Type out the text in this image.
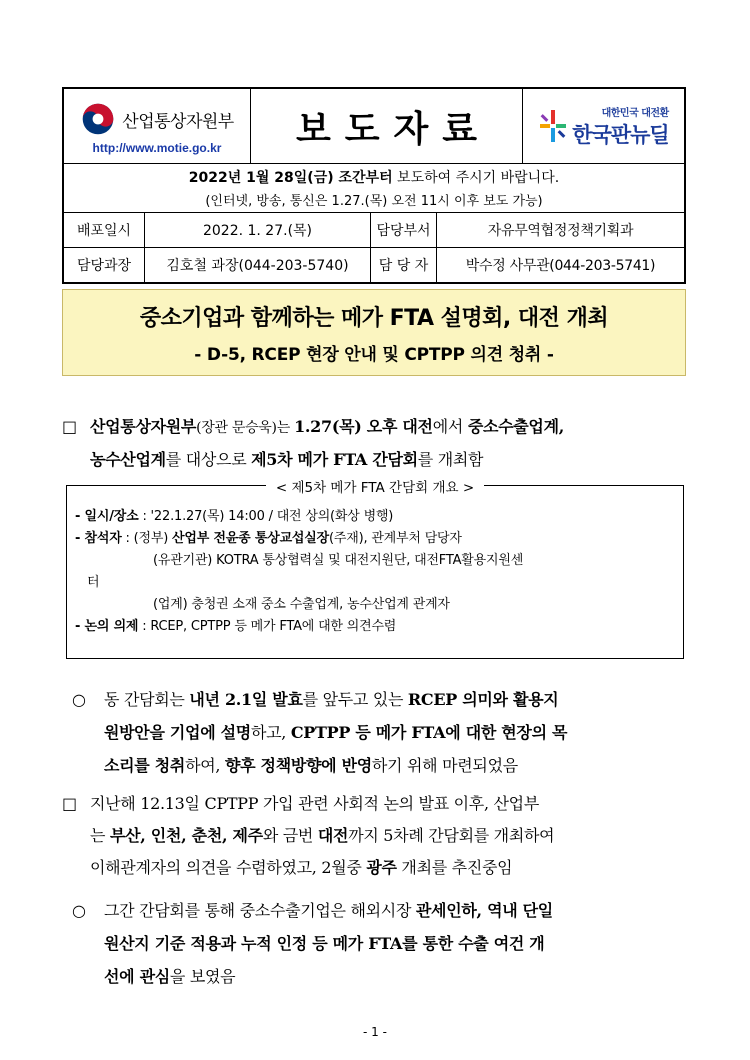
산업통상자원부
http://www.motie.go.kr	보도자료	대한민국 대전환
한국판뉴딜
2022년 1월 28일(금) 조간부터 보도하여 주시기 바랍니다.
(인터넷, 방송, 통신은 1.27.(목) 오전 11시 이후 보도 가능)
배포일시	2022. 1. 27.(목)	담당부서	자유무역협정정책기획과
담당과장	김호철 과장(044-203-5740)	담 당 자	박수정 사무관(044-203-5741)
중소기업과 함께하는 메가 FTA 설명회, 대전 개최
- D-5, RCEP 현장 안내 및 CPTPP 의견 청취 -
□ 산업통상자원부(장관 문승욱)는 1.27(목) 오후 대전에서 중소수출업계,
농수산업계를 대상으로 제5차 메가 FTA 간담회를 개최함
< 제5차 메가 FTA 간담회 개요 >
- 일시/장소 : '22.1.27(목) 14:00 / 대전 상의(화상 병행)
- 참석자 : (정부) 산업부 전윤종 통상교섭실장(주재), 관계부처 담당자
(유관기관) KOTRA 통상협력실 및 대전지원단, 대전FTA활용지원센
터
(업계) 충청권 소재 중소 수출업계, 농수산업계 관계자
- 논의 의제 : RCEP, CPTPP 등 메가 FTA에 대한 의견수렴
○ 동 간담회는 내년 2.1일 발효를 앞두고 있는 RCEP 의미와 활용지
원방안을 기업에 설명하고, CPTPP 등 메가 FTA에 대한 현장의 목
소리를 청취하여, 향후 정책방향에 반영하기 위해 마련되었음
□ 지난해 12.13일 CPTPP 가입 관련 사회적 논의 발표 이후, 산업부
는 부산, 인천, 춘천, 제주와 금번 대전까지 5차례 간담회를 개최하여
이해관계자의 의견을 수렴하였고, 2월중 광주 개최를 추진중임
○ 그간 간담회를 통해 중소수출기업은 해외시장 관세인하, 역내 단일
원산지 기준 적용과 누적 인정 등 메가 FTA를 통한 수출 여건 개
선에 관심을 보였음
- 1 -
